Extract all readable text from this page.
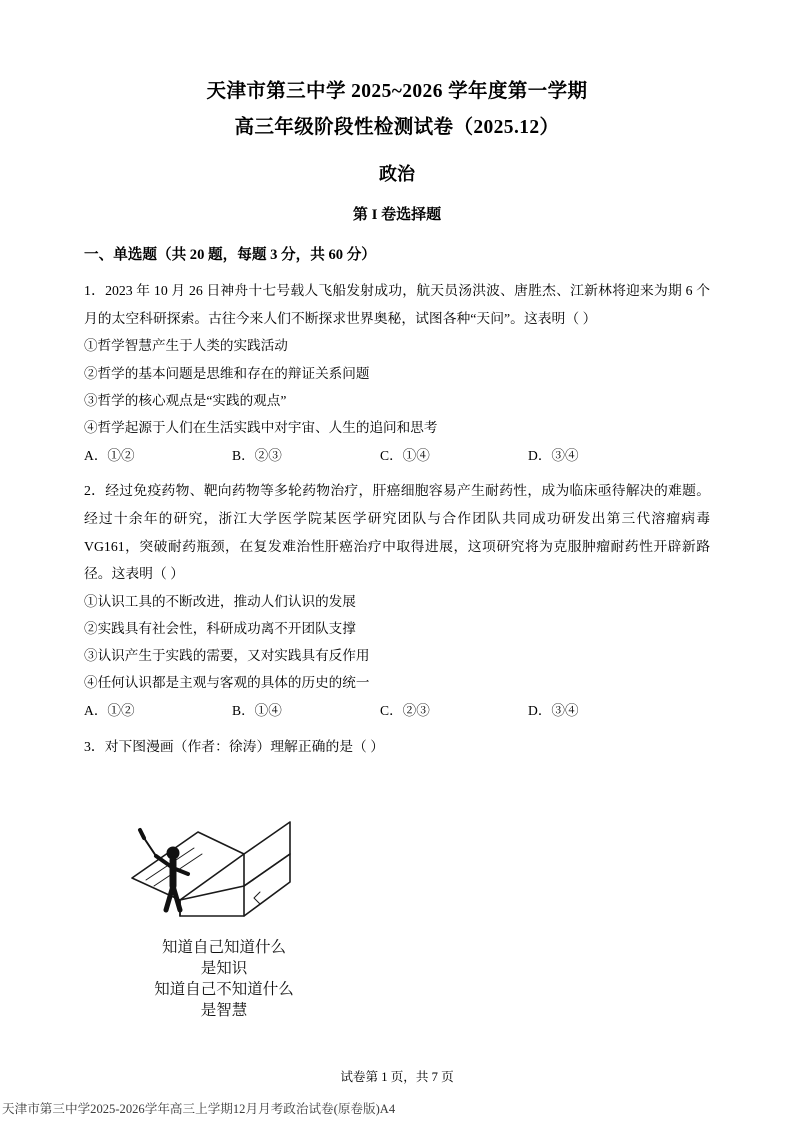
天津市第三中学 2025~2026 学年度第一学期
高三年级阶段性检测试卷（2025.12）
政治
第 I 卷选择题
一、单选题（共 20 题，每题 3 分，共 60 分）
1．2023 年 10 月 26 日神舟十七号载人飞船发射成功，航天员汤洪波、唐胜杰、江新林将迎来为期 6 个月的太空科研探索。古往今来人们不断探求世界奥秘，试图各种“天问”。这表明（ ）
①哲学智慧产生于人类的实践活动
②哲学的基本问题是思维和存在的辩证关系问题
③哲学的核心观点是“实践的观点”
④哲学起源于人们在生活实践中对宇宙、人生的追问和思考
A．①②	B．②③	C．①④	D．③④
2．经过免疫药物、靶向药物等多轮药物治疗，肝癌细胞容易产生耐药性，成为临床亟待解决的难题。经过十余年的研究，浙江大学医学院某医学研究团队与合作团队共同成功研发出第三代溶瘤病毒 VG161，突破耐药瓶颈，在复发难治性肝癌治疗中取得进展，这项研究将为克服肿瘤耐药性开辟新路径。这表明（ ）
①认识工具的不断改进，推动人们认识的发展
②实践具有社会性，科研成功离不开团队支撑
③认识产生于实践的需要，又对实践具有反作用
④任何认识都是主观与客观的具体的历史的统一
A．①②	B．①④	C．②③	D．③④
3．对下图漫画（作者：徐涛）理解正确的是（ ）
知道自己知道什么
是知识
知道自己不知道什么
是智慧
试卷第 1 页，共 7 页
天津市第三中学2025-2026学年高三上学期12月月考政治试卷(原卷版)A4
